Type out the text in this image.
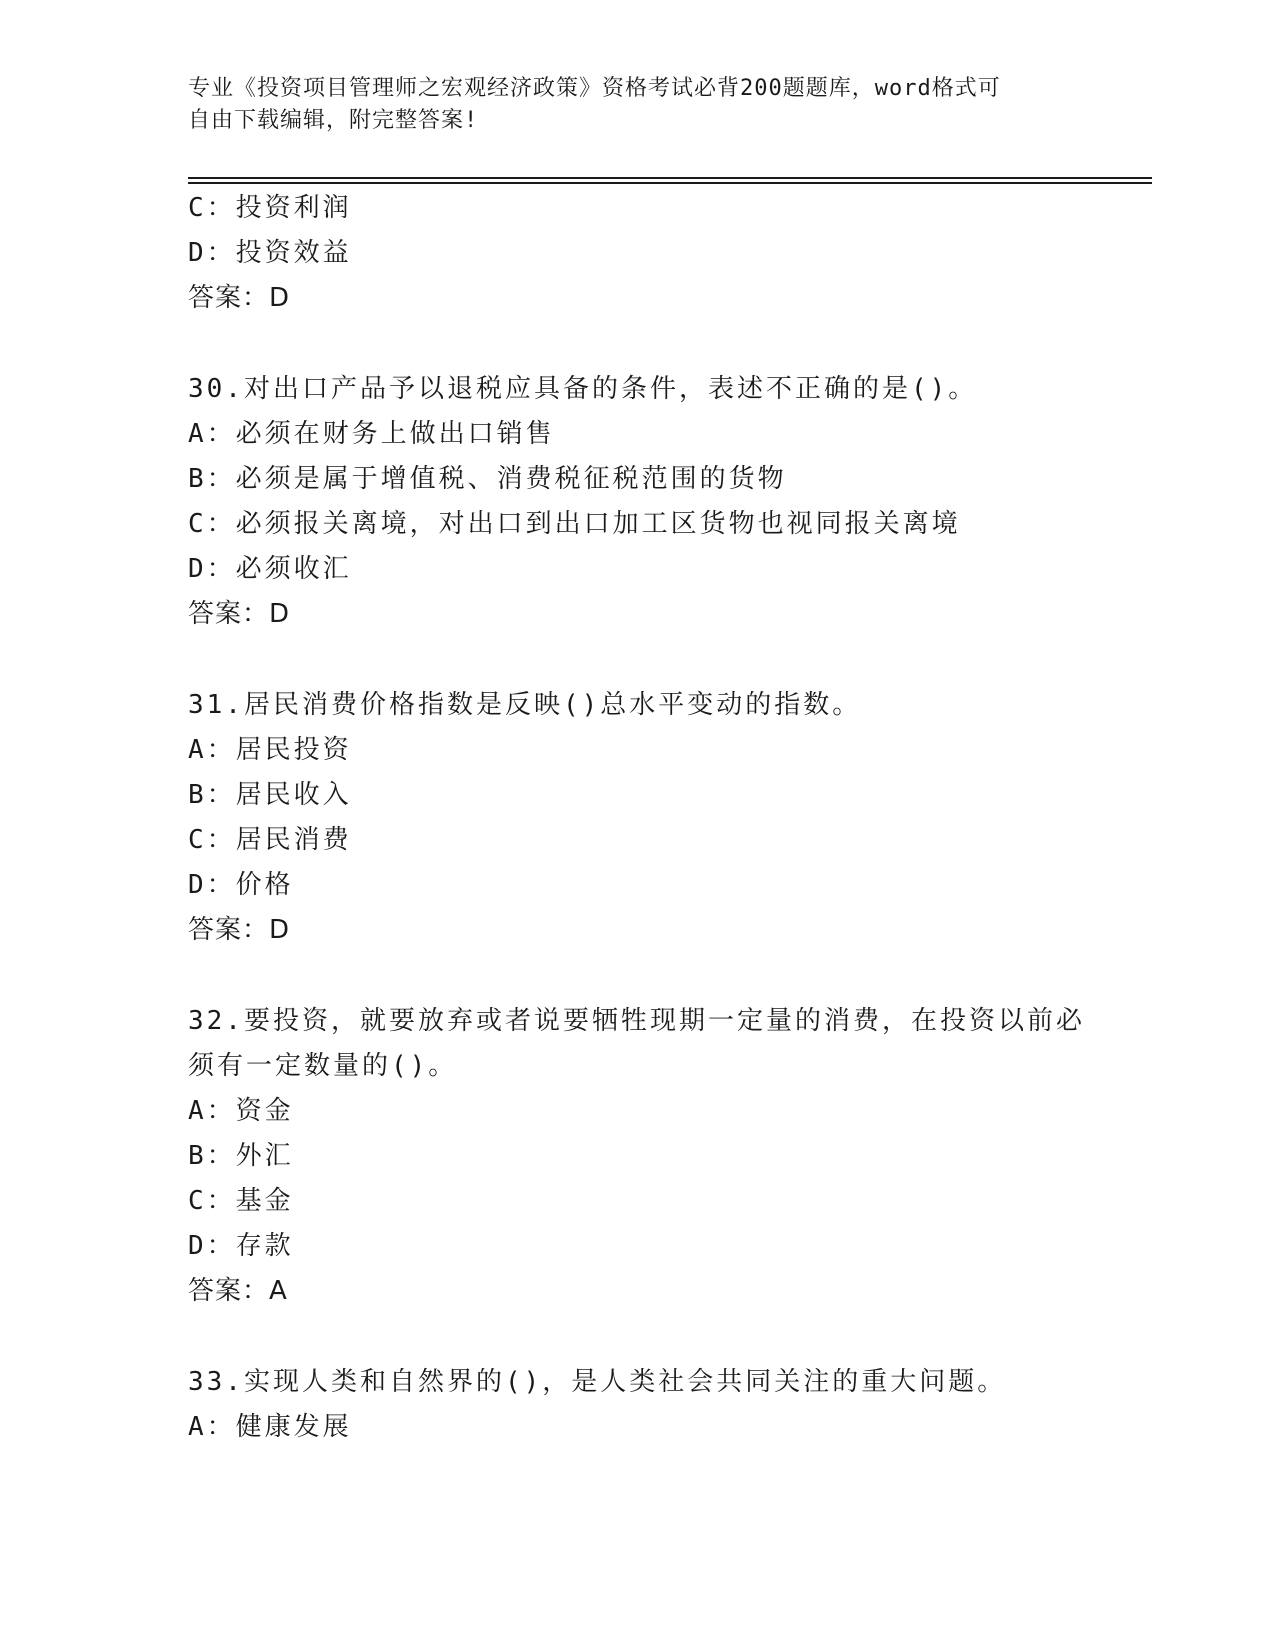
专业《投资项目管理师之宏观经济政策》资格考试必背200题题库，word格式可
自由下载编辑，附完整答案!
C：投资利润
D：投资效益
答案：D
30.对出口产品予以退税应具备的条件，表述不正确的是()。
A：必须在财务上做出口销售
B：必须是属于增值税、消费税征税范围的货物
C：必须报关离境，对出口到出口加工区货物也视同报关离境
D：必须收汇
答案：D
31.居民消费价格指数是反映()总水平变动的指数。
A：居民投资
B：居民收入
C：居民消费
D：价格
答案：D
32.要投资，就要放弃或者说要牺牲现期一定量的消费，在投资以前必
须有一定数量的()。
A：资金
B：外汇
C：基金
D：存款
答案：A
33.实现人类和自然界的()，是人类社会共同关注的重大问题。
A：健康发展
